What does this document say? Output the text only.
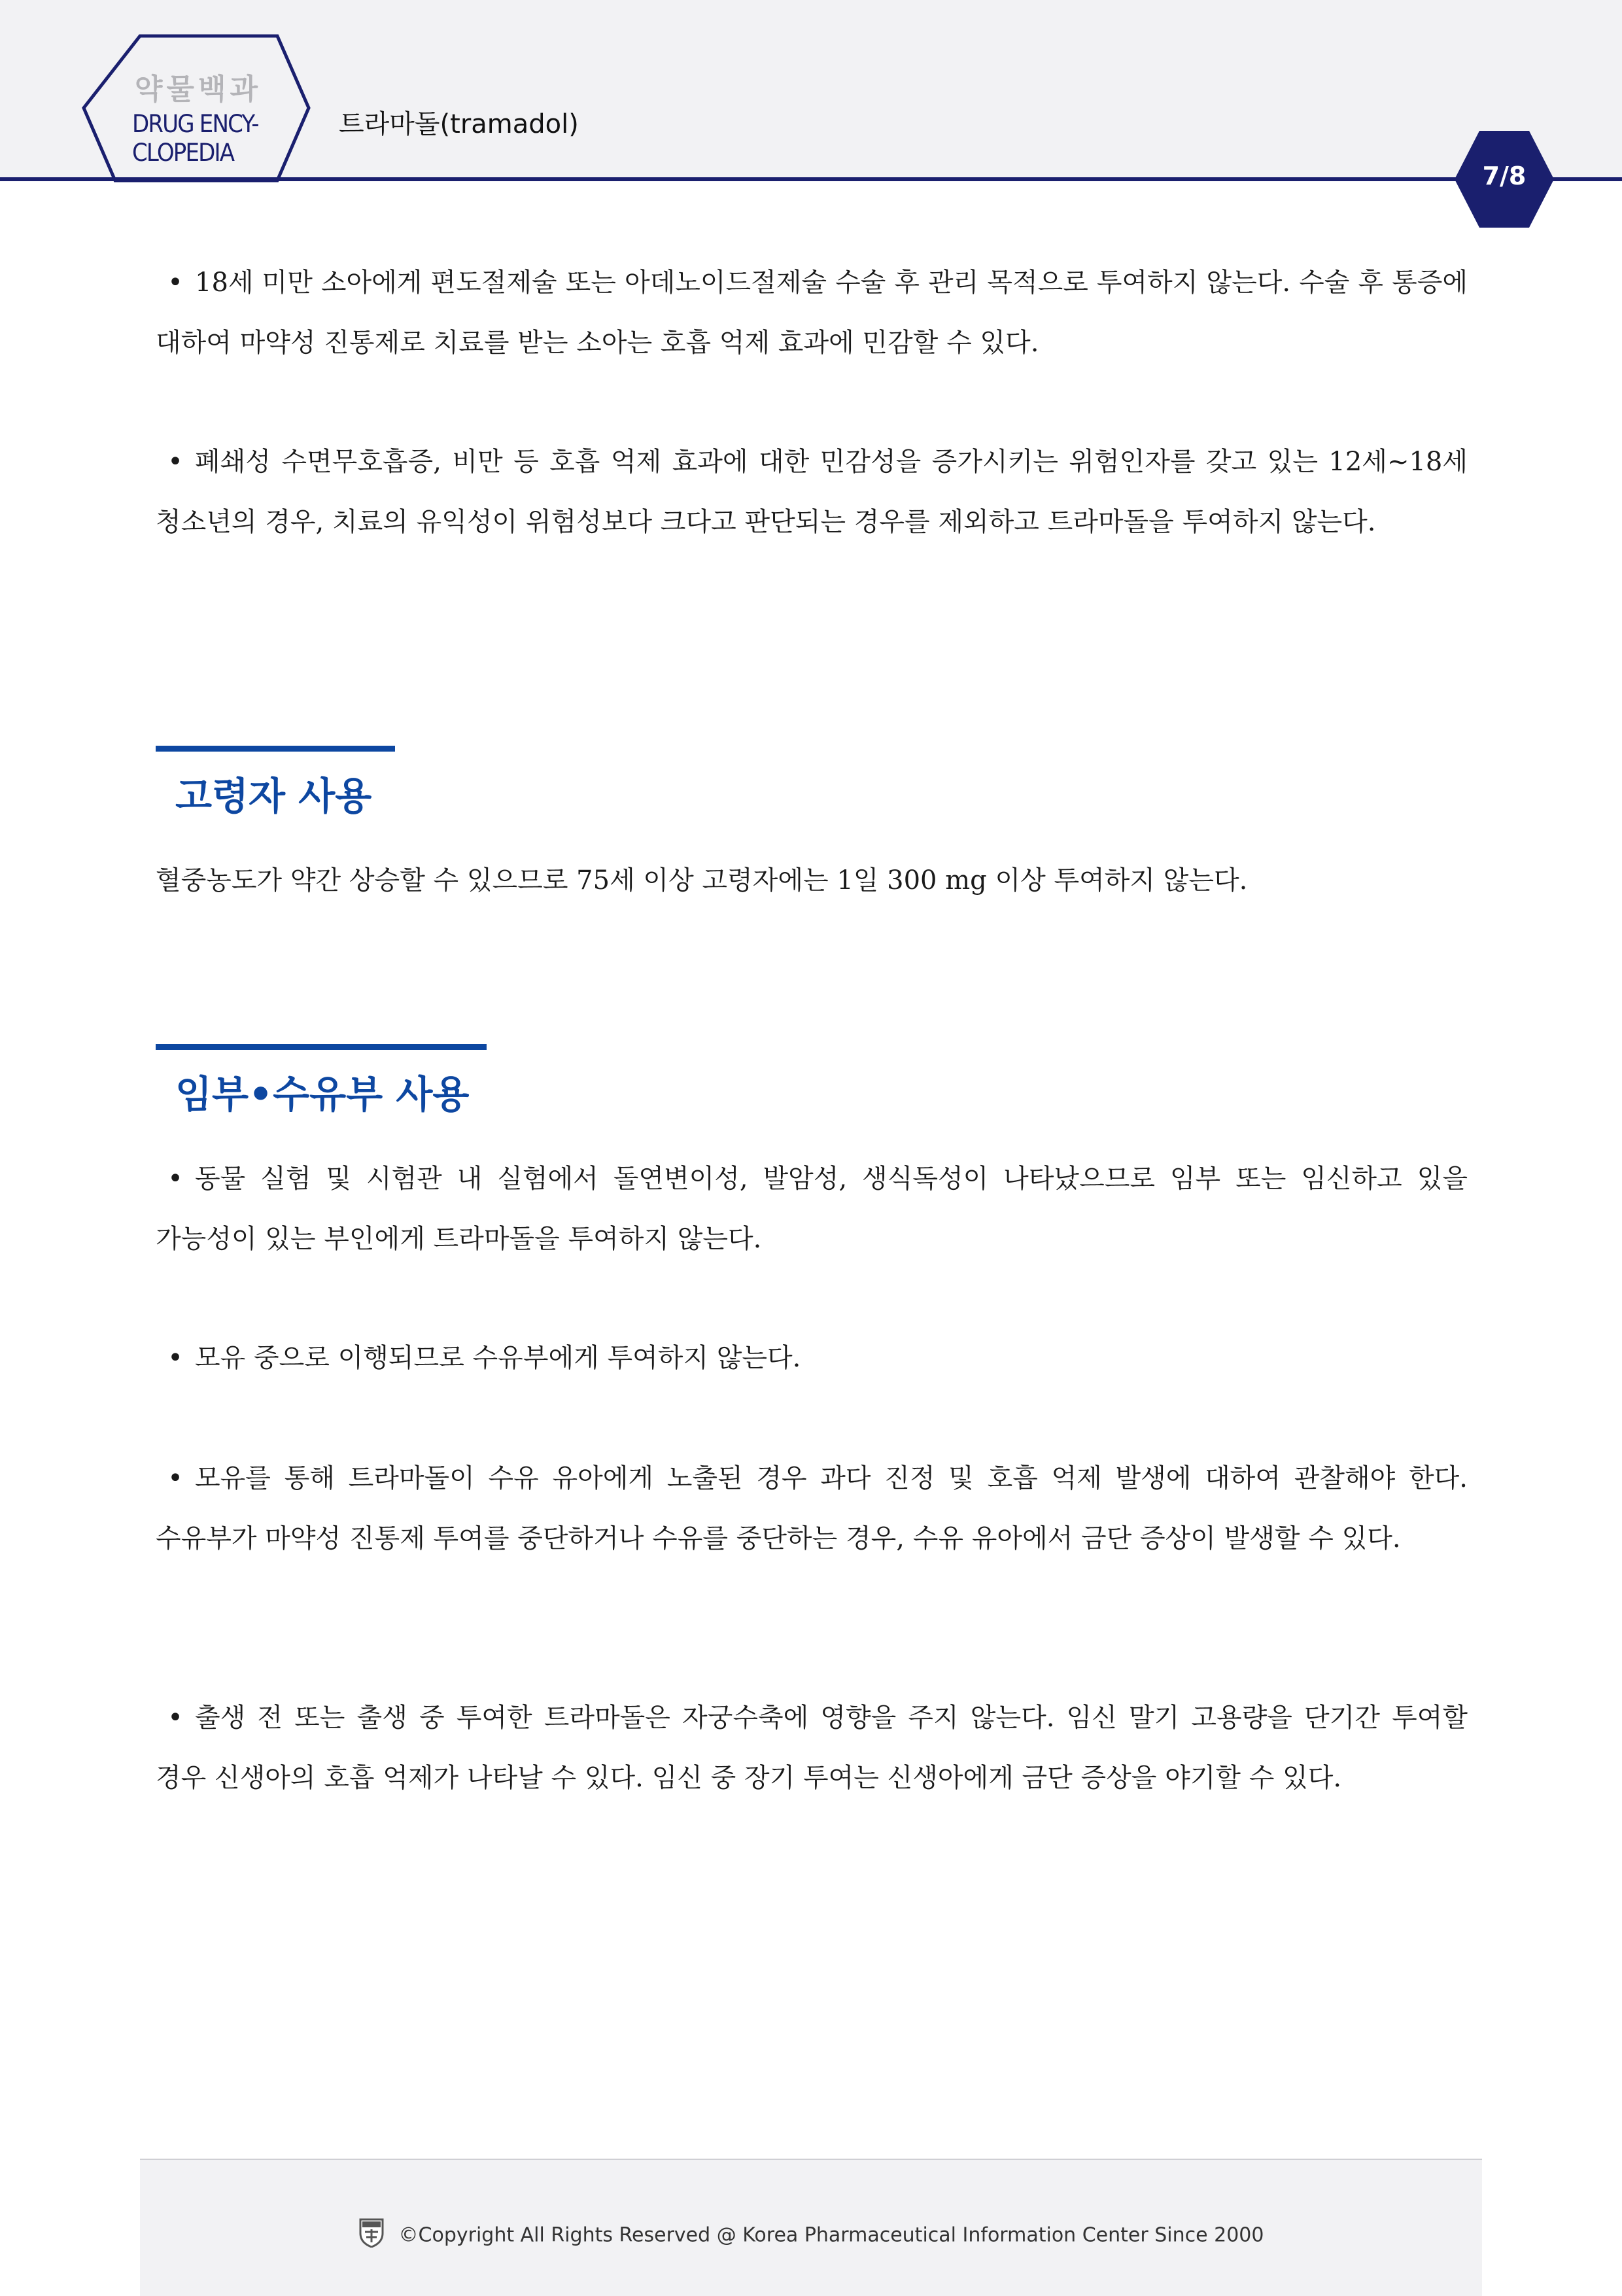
약물백과
DRUG ENCY-
CLOPEDIA
트라마돌(tramadol)
7/8
• 18세 미만 소아에게 편도절제술 또는 아데노이드절제술 수술 후 관리 목적으로 투여하지 않는다. 수술 후 통증에 대하여 마약성 진통제로 치료를 받는 소아는 호흡 억제 효과에 민감할 수 있다.
• 폐쇄성 수면무호흡증, 비만 등 호흡 억제 효과에 대한 민감성을 증가시키는 위험인자를 갖고 있는 12세~18세 청소년의 경우, 치료의 유익성이 위험성보다 크다고 판단되는 경우를 제외하고 트라마돌을 투여하지 않는다.
고령자 사용
혈중농도가 약간 상승할 수 있으므로 75세 이상 고령자에는 1일 300 mg 이상 투여하지 않는다.
임부•수유부 사용
• 동물 실험 및 시험관 내 실험에서 돌연변이성, 발암성, 생식독성이 나타났으므로 임부 또는 임신하고 있을 가능성이 있는 부인에게 트라마돌을 투여하지 않는다.
• 모유 중으로 이행되므로 수유부에게 투여하지 않는다.
• 모유를 통해 트라마돌이 수유 유아에게 노출된 경우 과다 진정 및 호흡 억제 발생에 대하여 관찰해야 한다. 수유부가 마약성 진통제 투여를 중단하거나 수유를 중단하는 경우, 수유 유아에서 금단 증상이 발생할 수 있다.
• 출생 전 또는 출생 중 투여한 트라마돌은 자궁수축에 영향을 주지 않는다. 임신 말기 고용량을 단기간 투여할 경우 신생아의 호흡 억제가 나타날 수 있다. 임신 중 장기 투여는 신생아에게 금단 증상을 야기할 수 있다.
©Copyright All Rights Reserved @ Korea Pharmaceutical Information Center Since 2000
